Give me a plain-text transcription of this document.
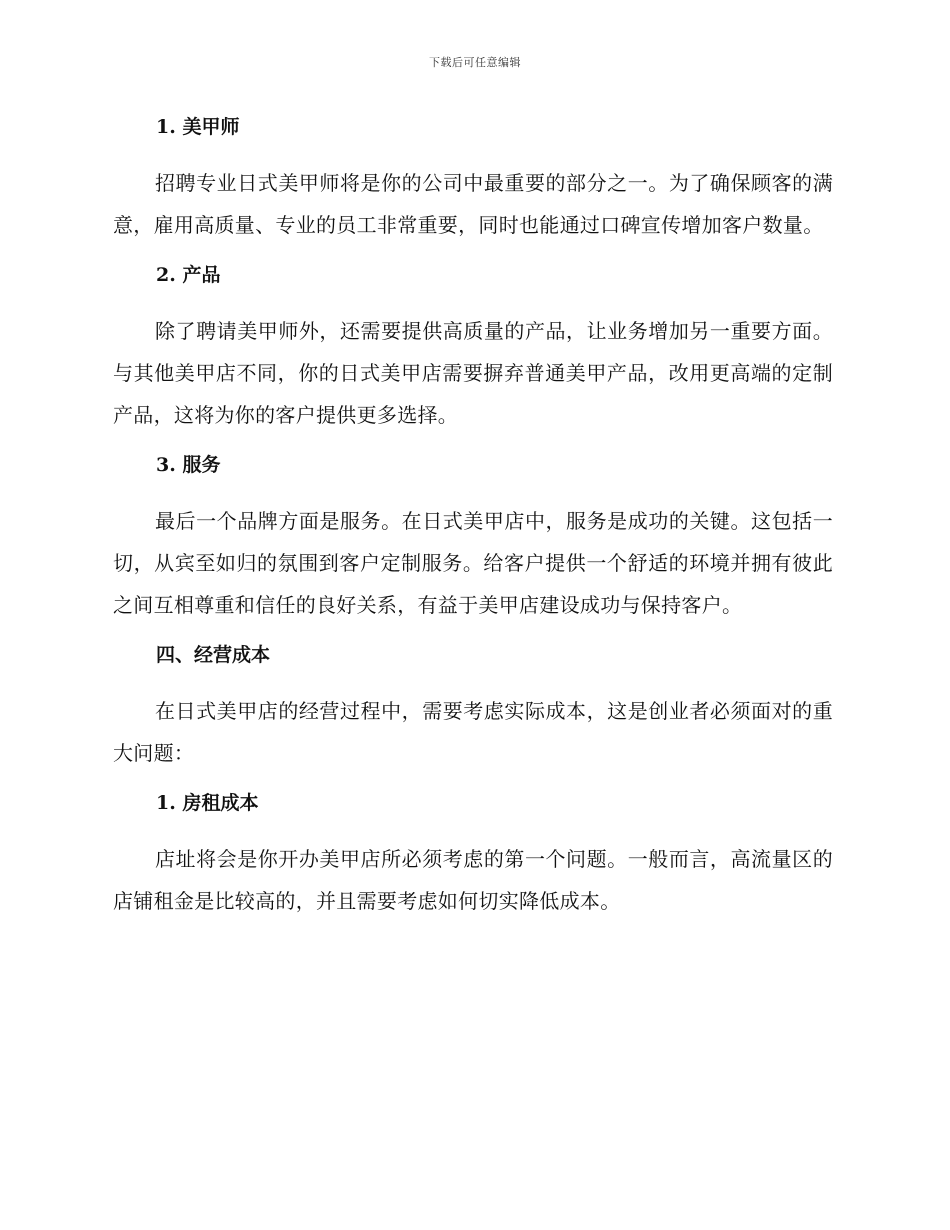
下载后可任意编辑
1. 美甲师

招聘专业日式美甲师将是你的公司中最重要的部分之一。为了确保顾客的满意，雇用高质量、专业的员工非常重要，同时也能通过口碑宣传增加客户数量。

2. 产品

除了聘请美甲师外，还需要提供高质量的产品，让业务增加另一重要方面。与其他美甲店不同，你的日式美甲店需要摒弃普通美甲产品，改用更高端的定制产品，这将为你的客户提供更多选择。

3. 服务

最后一个品牌方面是服务。在日式美甲店中，服务是成功的关键。这包括一切，从宾至如归的氛围到客户定制服务。给客户提供一个舒适的环境并拥有彼此之间互相尊重和信任的良好关系，有益于美甲店建设成功与保持客户。

四、经营成本

在日式美甲店的经营过程中，需要考虑实际成本，这是创业者必须面对的重大问题：

1. 房租成本

店址将会是你开办美甲店所必须考虑的第一个问题。一般而言，高流量区的店铺租金是比较高的，并且需要考虑如何切实降低成本。
